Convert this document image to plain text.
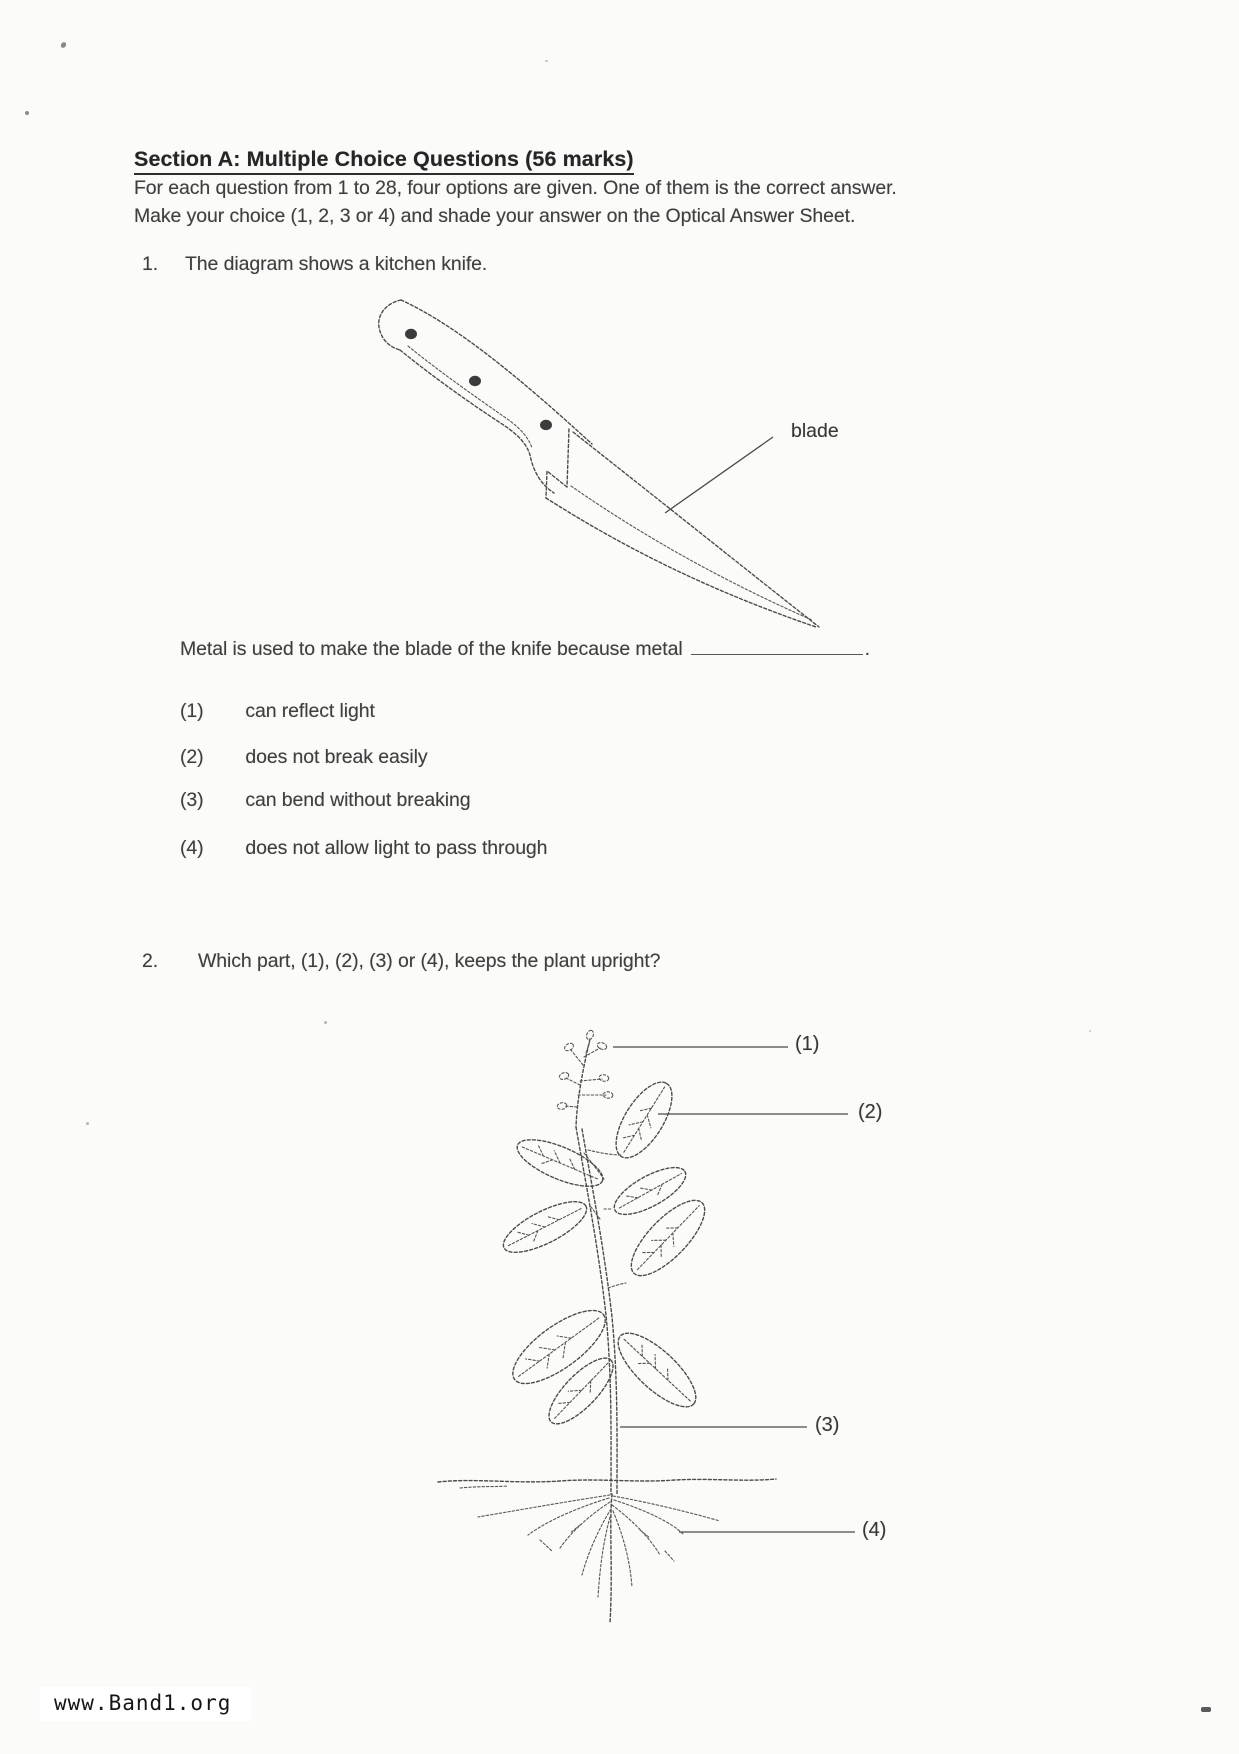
Section A: Multiple Choice Questions (56 marks)
For each question from 1 to 28, four options are given. One of them is the correct answer.
Make your choice (1, 2, 3 or 4) and shade your answer on the Optical Answer Sheet.
1.	The diagram shows a kitchen knife.
blade
Metal is used to make the blade of the knife because metal	.
(1) can reflect light
(2) does not break easily
(3) can bend without breaking
(4) does not allow light to pass through
2.	Which part, (1), (2), (3) or (4), keeps the plant upright?
(1)
(2)
(3)
(4)
www.Band1.org
